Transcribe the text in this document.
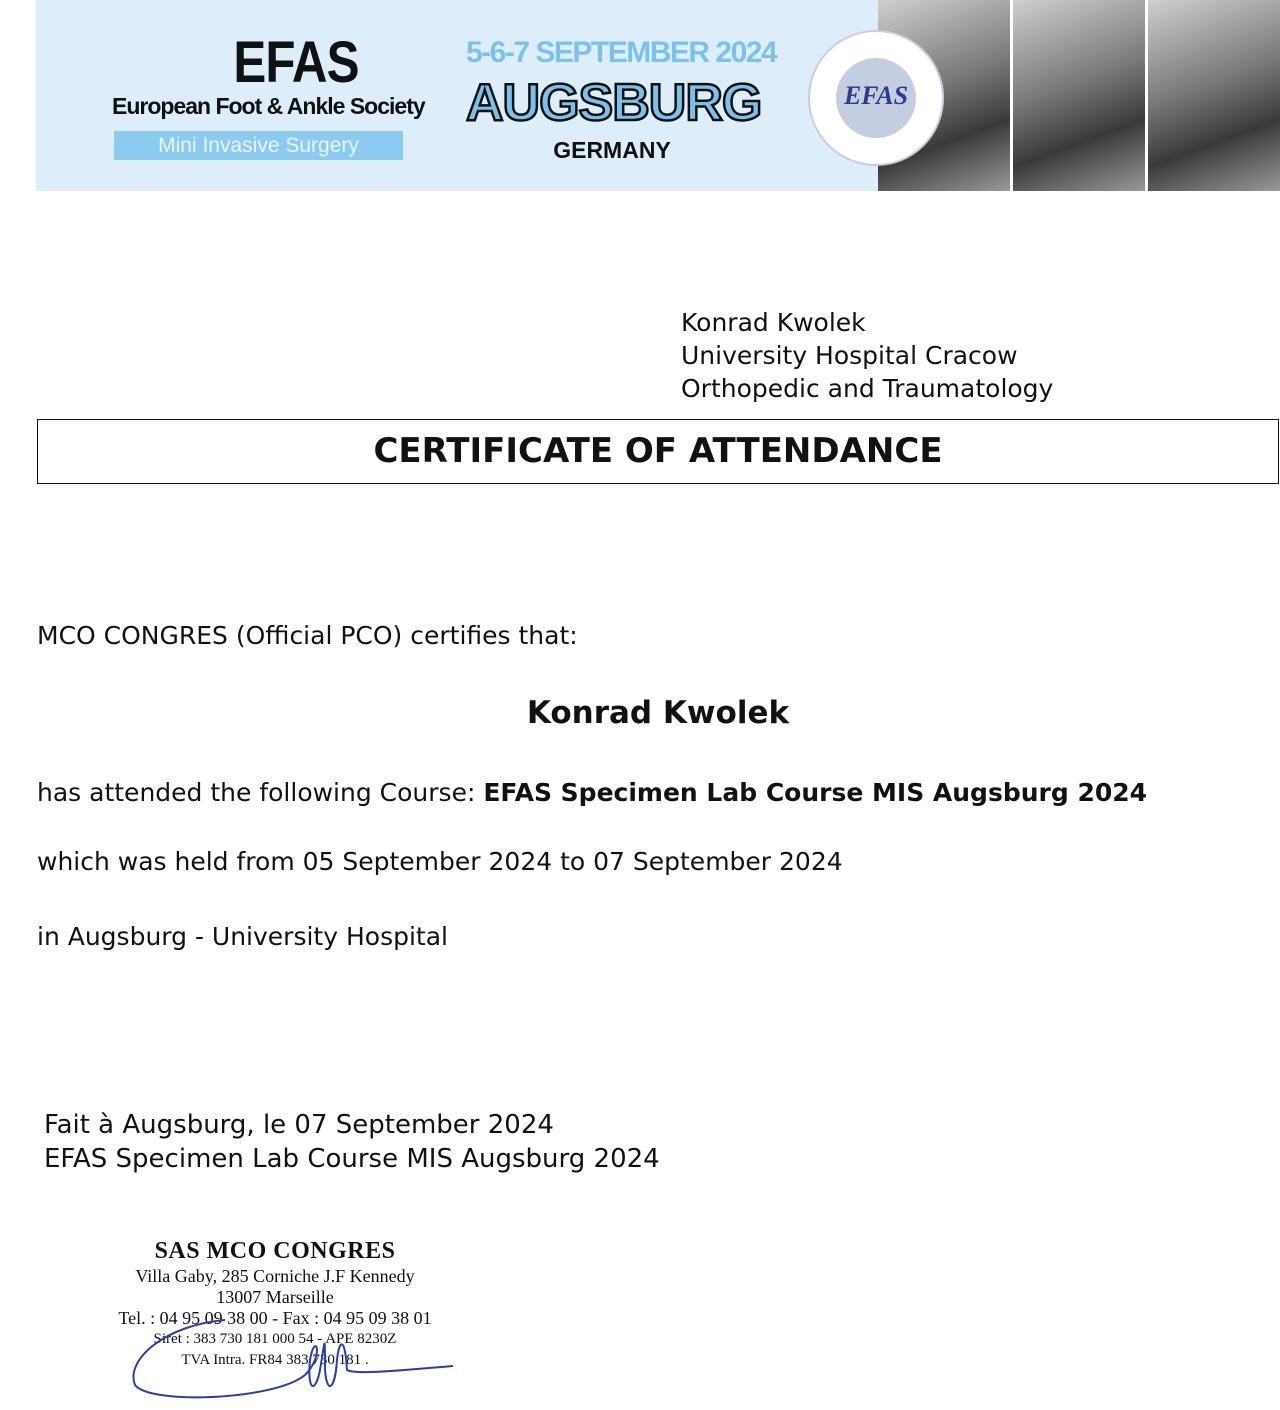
EFAS
European Foot & Ankle Society
Mini Invasive Surgery
5-6-7 SEPTEMBER 2024
AUGSBURG
GERMANY
EFAS
Konrad Kwolek
University Hospital Cracow
Orthopedic and Traumatology
CERTIFICATE OF ATTENDANCE
MCO CONGRES (Official PCO) certifies that:
Konrad Kwolek
has attended the following Course: EFAS Specimen Lab Course MIS Augsburg 2024
which was held from 05 September 2024 to 07 September 2024
in Augsburg - University Hospital
Fait à Augsburg, le 07 September 2024
EFAS Specimen Lab Course MIS Augsburg 2024
SAS MCO CONGRES
Villa Gaby, 285 Corniche J.F Kennedy
13007 Marseille
Tel. : 04 95 09 38 00 - Fax : 04 95 09 38 01
Siret : 383 730 181 000 54 - APE 8230Z
TVA Intra. FR84 383 730 181 .
